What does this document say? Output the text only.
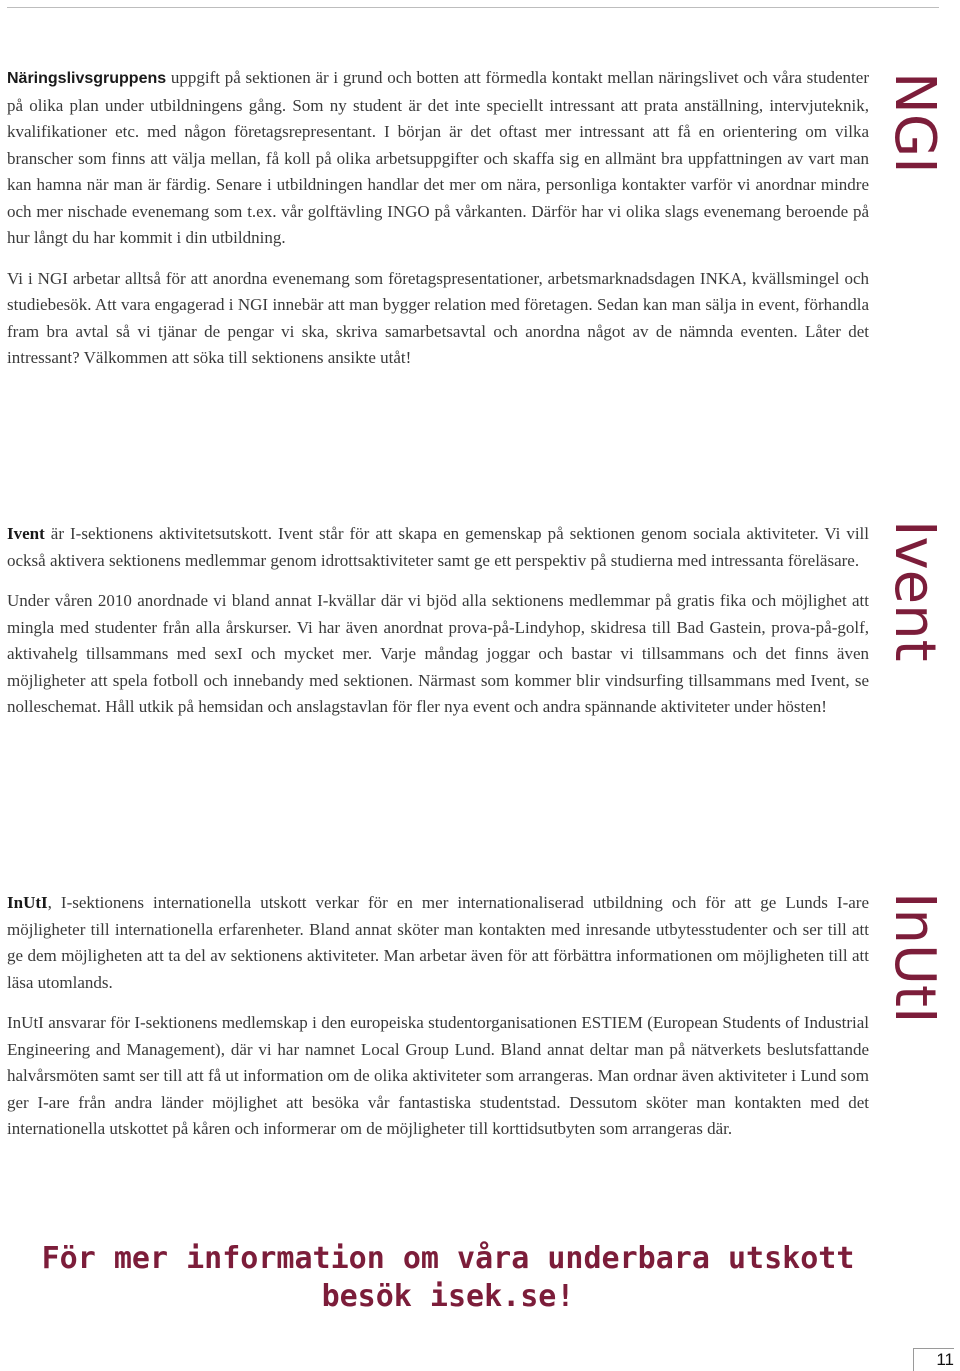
Näringslivsgruppens uppgift på sektionen är i grund och botten att förmedla kontakt mellan näringslivet och våra studenter på olika plan under utbildningens gång. Som ny student är det inte speciellt intressant att prata anställning, intervjuteknik, kvalifikationer etc. med någon företagsrepresentant. I början är det oftast mer intressant att få en orientering om vilka branscher som finns att välja mellan, få koll på olika arbetsuppgifter och skaffa sig en allmänt bra uppfattningen av vart man kan hamna när man är färdig. Senare i utbildningen handlar det mer om nära, personliga kontakter varför vi anordnar mindre och mer nischade evenemang som t.ex. vår golftävling INGO på vårkanten. Därför har vi olika slags evenemang beroende på hur långt du har kommit i din utbildning.

Vi i NGI arbetar alltså för att anordna evenemang som företagspresentationer, arbetsmarknadsdagen INKA, kvällsmingel och studiebesök. Att vara engagerad i NGI innebär att man bygger relation med företagen. Sedan kan man sälja in event, förhandla fram bra avtal så vi tjänar de pengar vi ska, skriva samarbetsavtal och anordna något av de nämnda eventen. Låter det intressant? Välkommen att söka till sektionens ansikte utåt!

NGI

Ivent är I-sektionens aktivitetsutskott. Ivent står för att skapa en gemenskap på sektionen genom sociala aktiviteter. Vi vill också aktivera sektionens medlemmar genom idrottsaktiviteter samt ge ett perspektiv på studierna med intressanta föreläsare.

Under våren 2010 anordnade vi bland annat I-kvällar där vi bjöd alla sektionens medlemmar på gratis fika och möjlighet att mingla med studenter från alla årskurser. Vi har även anordnat prova-på-Lindyhop, skidresa till Bad Gastein, prova-på-golf, aktivahelg tillsammans med sexI och mycket mer. Varje måndag joggar och bastar vi tillsammans och det finns även möjligheter att spela fotboll och innebandy med sektionen. Närmast som kommer blir vindsurfing tillsammans med Ivent, se nolleschemat. Håll utkik på hemsidan och anslagstavlan för fler nya event och andra spännande aktiviteter under hösten!

Ivent

InUtI, I-sektionens internationella utskott verkar för en mer internationaliserad utbildning och för att ge Lunds I-are möjligheter till internationella erfarenheter. Bland annat sköter man kontakten med inresande utbytesstudenter och ser till att ge dem möjligheten att ta del av sektionens aktiviteter. Man arbetar även för att förbättra informationen om möjligheten till att läsa utomlands.

InUtI ansvarar för I-sektionens medlemskap i den europeiska studentorganisationen ESTIEM (European Students of Industrial Engineering and Management), där vi har namnet Local Group Lund. Bland annat deltar man på nätverkets beslutsfattande halvårsmöten samt ser till att få ut information om de olika aktiviteter som arrangeras. Man ordnar även aktiviteter i Lund som ger I-are från andra länder möjlighet att besöka vår fantastiska studentstad. Dessutom sköter man kontakten med det internationella utskottet på kåren och informerar om de möjligheter till korttidsutbyten som arrangeras där.

InUtI
För mer information om våra underbara utskott
besök isek.se!
11
